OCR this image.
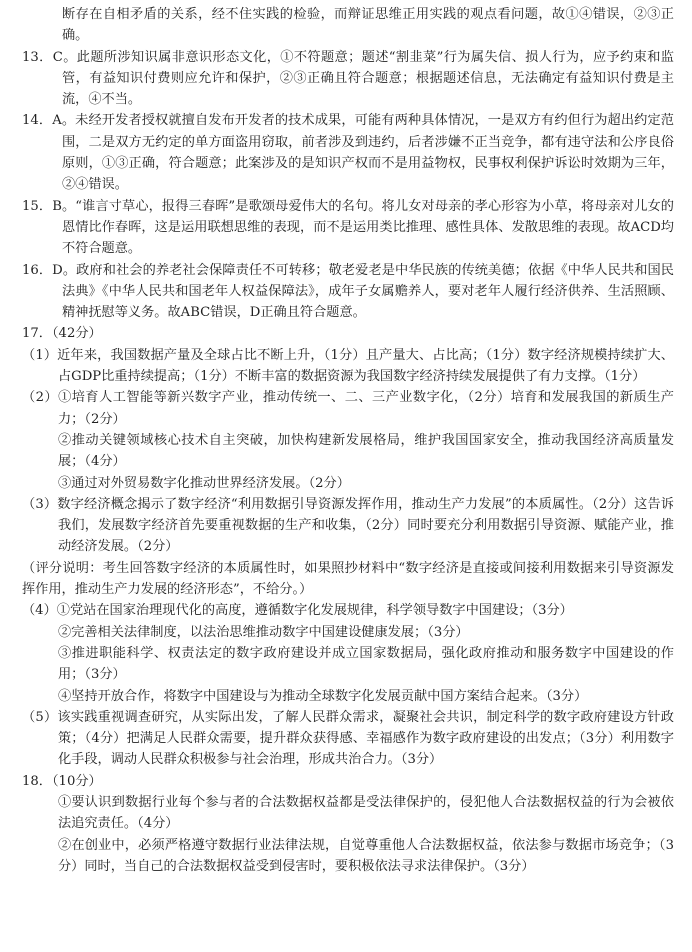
断存在自相矛盾的关系，经不住实践的检验，而辩证思维正用实践的观点看问题，故①④错误，②③正确。

13．C。此题所涉知识属非意识形态文化，①不符题意；题述“割韭菜”行为属失信、损人行为，应予约束和监管，有益知识付费则应允许和保护，②③正确且符合题意；根据题述信息，无法确定有益知识付费是主流，④不当。

14．A。未经开发者授权就擅自发布开发者的技术成果，可能有两种具体情况，一是双方有约但行为超出约定范围，二是双方无约定的单方面盗用窃取，前者涉及到违约，后者涉嫌不正当竞争，都有违守法和公序良俗原则，①③正确，符合题意；此案涉及的是知识产权而不是用益物权，民事权利保护诉讼时效期为三年，②④错误。

15．B。“谁言寸草心，报得三春晖”是歌颂母爱伟大的名句。将儿女对母亲的孝心形容为小草，将母亲对儿女的恩情比作春晖，这是运用联想思维的表现，而不是运用类比推理、感性具体、发散思维的表现。故ACD均不符合题意。

16．D。政府和社会的养老社会保障责任不可转移；敬老爱老是中华民族的传统美德；依据《中华人民共和国民法典》《中华人民共和国老年人权益保障法》，成年子女属赡养人，要对老年人履行经济供养、生活照顾、精神抚慰等义务。故ABC错误，D正确且符合题意。

17．（42分）

（1）近年来，我国数据产量及全球占比不断上升，（1分）且产量大、占比高；（1分）数字经济规模持续扩大、占GDP比重持续提高；（1分）不断丰富的数据资源为我国数字经济持续发展提供了有力支撑。（1分）

（2）①培育人工智能等新兴数字产业，推动传统一、二、三产业数字化，（2分）培育和发展我国的新质生产力；（2分）

②推动关键领域核心技术自主突破，加快构建新发展格局，维护我国国家安全，推动我国经济高质量发展；（4分）

③通过对外贸易数字化推动世界经济发展。（2分）

（3）数字经济概念揭示了数字经济“利用数据引导资源发挥作用，推动生产力发展”的本质属性。（2分）这告诉我们，发展数字经济首先要重视数据的生产和收集，（2分）同时要充分利用数据引导资源、赋能产业，推动经济发展。（2分）

（评分说明：考生回答数字经济的本质属性时，如果照抄材料中“数字经济是直接或间接利用数据来引导资源发挥作用，推动生产力发展的经济形态”，不给分。）

（4）①党站在国家治理现代化的高度，遵循数字化发展规律，科学领导数字中国建设；（3分）

②完善相关法律制度，以法治思维推动数字中国建设健康发展；（3分）

③推进职能科学、权责法定的数字政府建设并成立国家数据局，强化政府推动和服务数字中国建设的作用；（3分）

④坚持开放合作，将数字中国建设与为推动全球数字化发展贡献中国方案结合起来。（3分）

（5）该实践重视调查研究，从实际出发，了解人民群众需求，凝聚社会共识，制定科学的数字政府建设方针政策；（4分）把满足人民群众需要，提升群众获得感、幸福感作为数字政府建设的出发点；（3分）利用数字化手段，调动人民群众积极参与社会治理，形成共治合力。（3分）

18．（10分）

①要认识到数据行业每个参与者的合法数据权益都是受法律保护的，侵犯他人合法数据权益的行为会被依法追究责任。（4分）

②在创业中，必须严格遵守数据行业法律法规，自觉尊重他人合法数据权益，依法参与数据市场竞争；（3分）同时，当自己的合法数据权益受到侵害时，要积极依法寻求法律保护。（3分）
